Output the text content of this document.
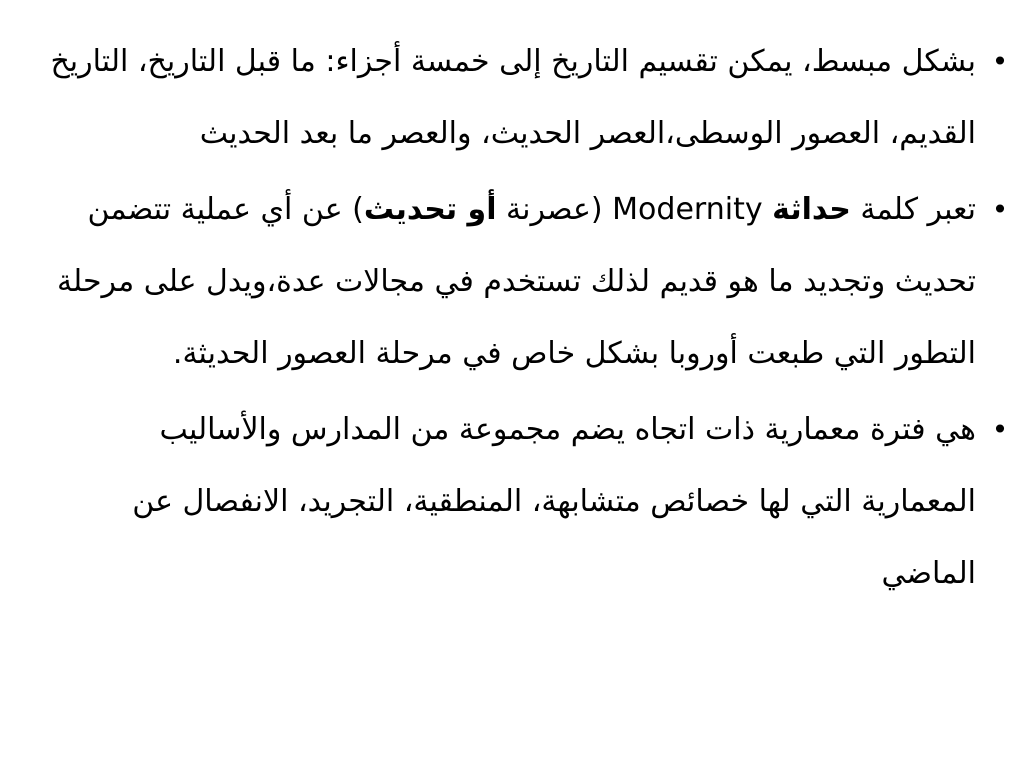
•
بشكل مبسط، يمكن تقسيم التاريخ إلى خمسة أجزاء: ما قبل التاريخ، التاريخ القديم، العصور الوسطى،العصر الحديث، والعصر ما بعد الحديث
•
تعبر كلمة حداثة Modernity (عصرنة أو تحديث) عن أي عملية تتضمن تحديث وتجديد ما هو قديم لذلك تستخدم في مجالات عدة،ويدل على مرحلة التطور التي طبعت أوروبا بشكل خاص في مرحلة العصور الحديثة.
•
هي فترة معمارية ذات اتجاه يضم مجموعة من المدارس والأساليب المعمارية التي لها خصائص متشابهة، المنطقية، التجريد، الانفصال عن الماضي
